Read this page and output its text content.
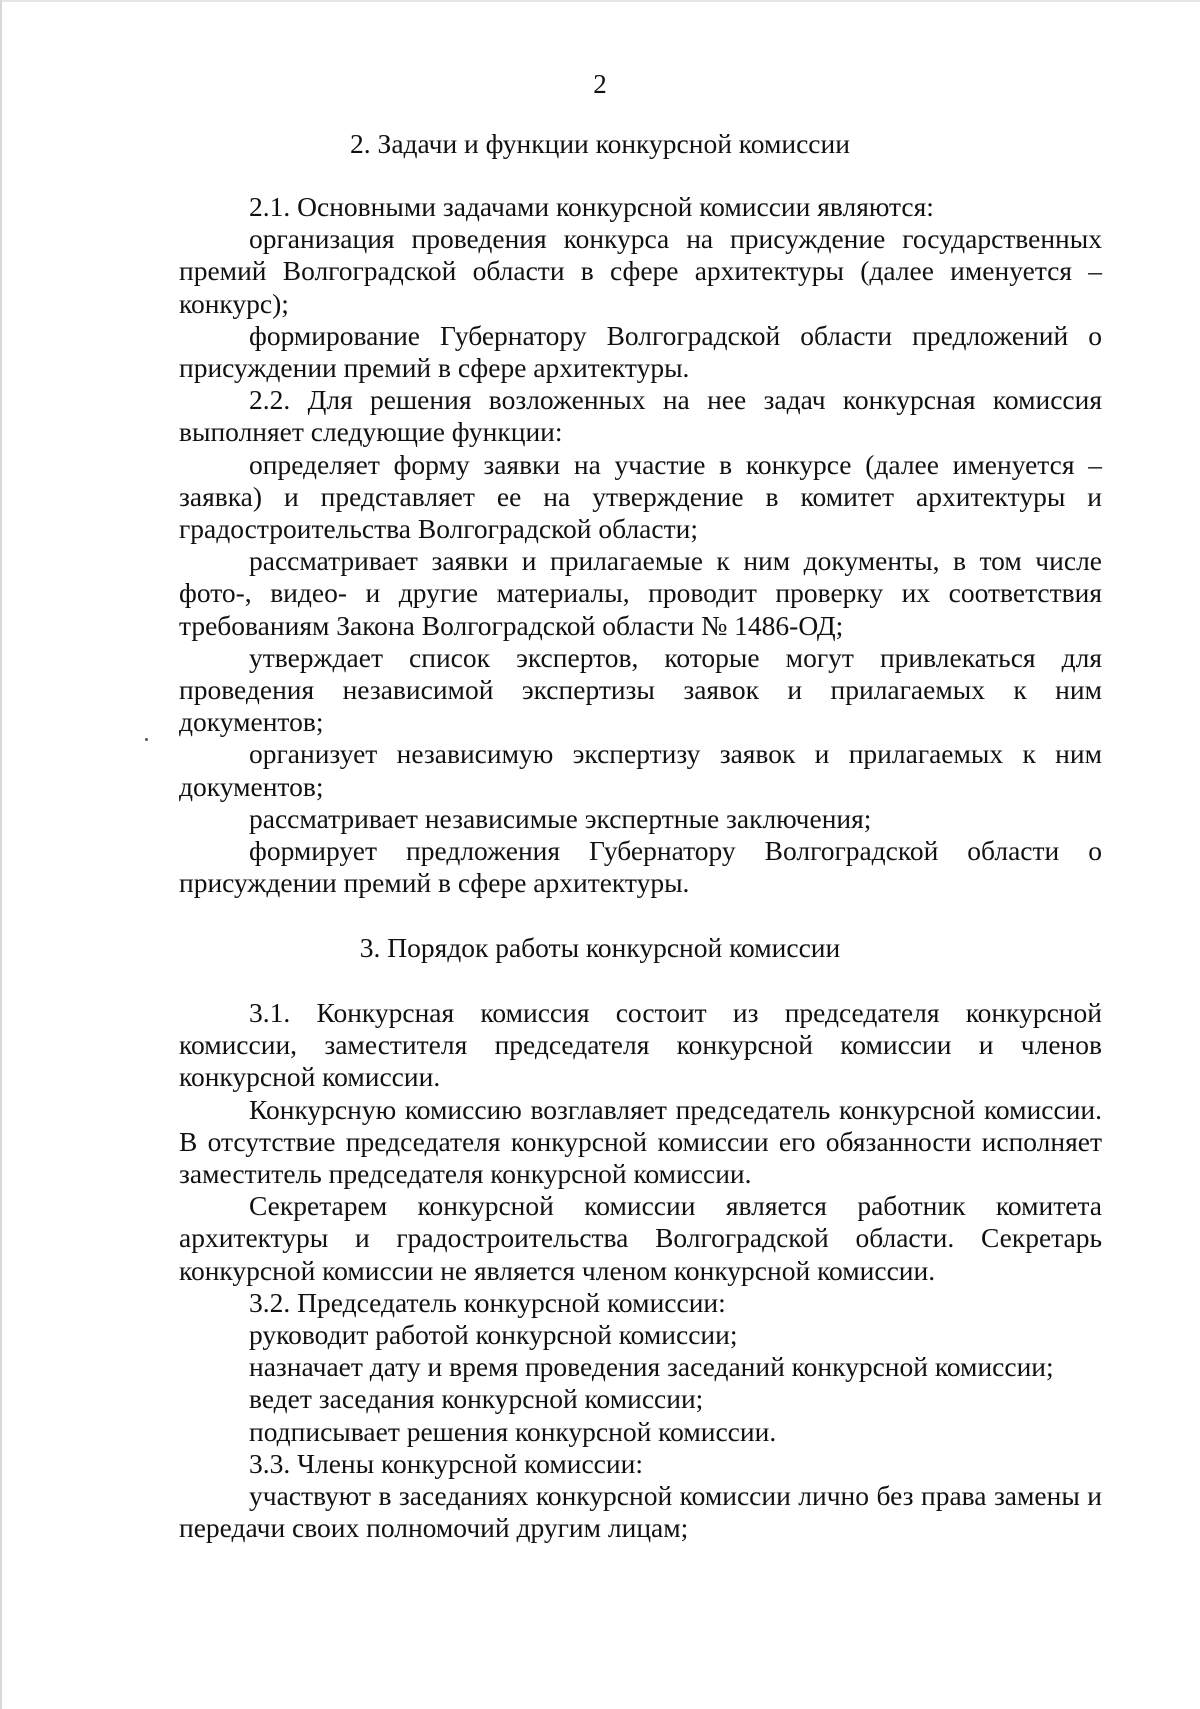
2
2. Задачи и функции конкурсной комиссии

2.1. Основными задачами конкурсной комиссии являются:

организация проведения конкурса на присуждение государственных премий Волгоградской области в сфере архитектуры (далее именуется – конкурс);

формирование Губернатору Волгоградской области предложений о присуждении премий в сфере архитектуры.

2.2. Для решения возложенных на нее задач конкурсная комиссия выполняет следующие функции:

определяет форму заявки на участие в конкурсе (далее именуется – заявка) и представляет ее на утверждение в комитет архитектуры и градостроительства Волгоградской области;

рассматривает заявки и прилагаемые к ним документы, в том числе фото-, видео- и другие материалы, проводит проверку их соответствия требованиям Закона Волгоградской области № 1486-ОД;

утверждает список экспертов, которые могут привлекаться для проведения независимой экспертизы заявок и прилагаемых к ним документов;

организует независимую экспертизу заявок и прилагаемых к ним документов;

рассматривает независимые экспертные заключения;

формирует предложения Губернатору Волгоградской области о присуждении премий в сфере архитектуры.

3. Порядок работы конкурсной комиссии

3.1. Конкурсная комиссия состоит из председателя конкурсной комиссии, заместителя председателя конкурсной комиссии и членов конкурсной комиссии.

Конкурсную комиссию возглавляет председатель конкурсной комиссии. В отсутствие председателя конкурсной комиссии его обязанности исполняет заместитель председателя конкурсной комиссии.

Секретарем конкурсной комиссии является работник комитета архитектуры и градостроительства Волгоградской области. Секретарь конкурсной комиссии не является членом конкурсной комиссии.

3.2. Председатель конкурсной комиссии:

руководит работой конкурсной комиссии;

назначает дату и время проведения заседаний конкурсной комиссии;

ведет заседания конкурсной комиссии;

подписывает решения конкурсной комиссии.

3.3. Члены конкурсной комиссии:

участвуют в заседаниях конкурсной комиссии лично без права замены и передачи своих полномочий другим лицам;
